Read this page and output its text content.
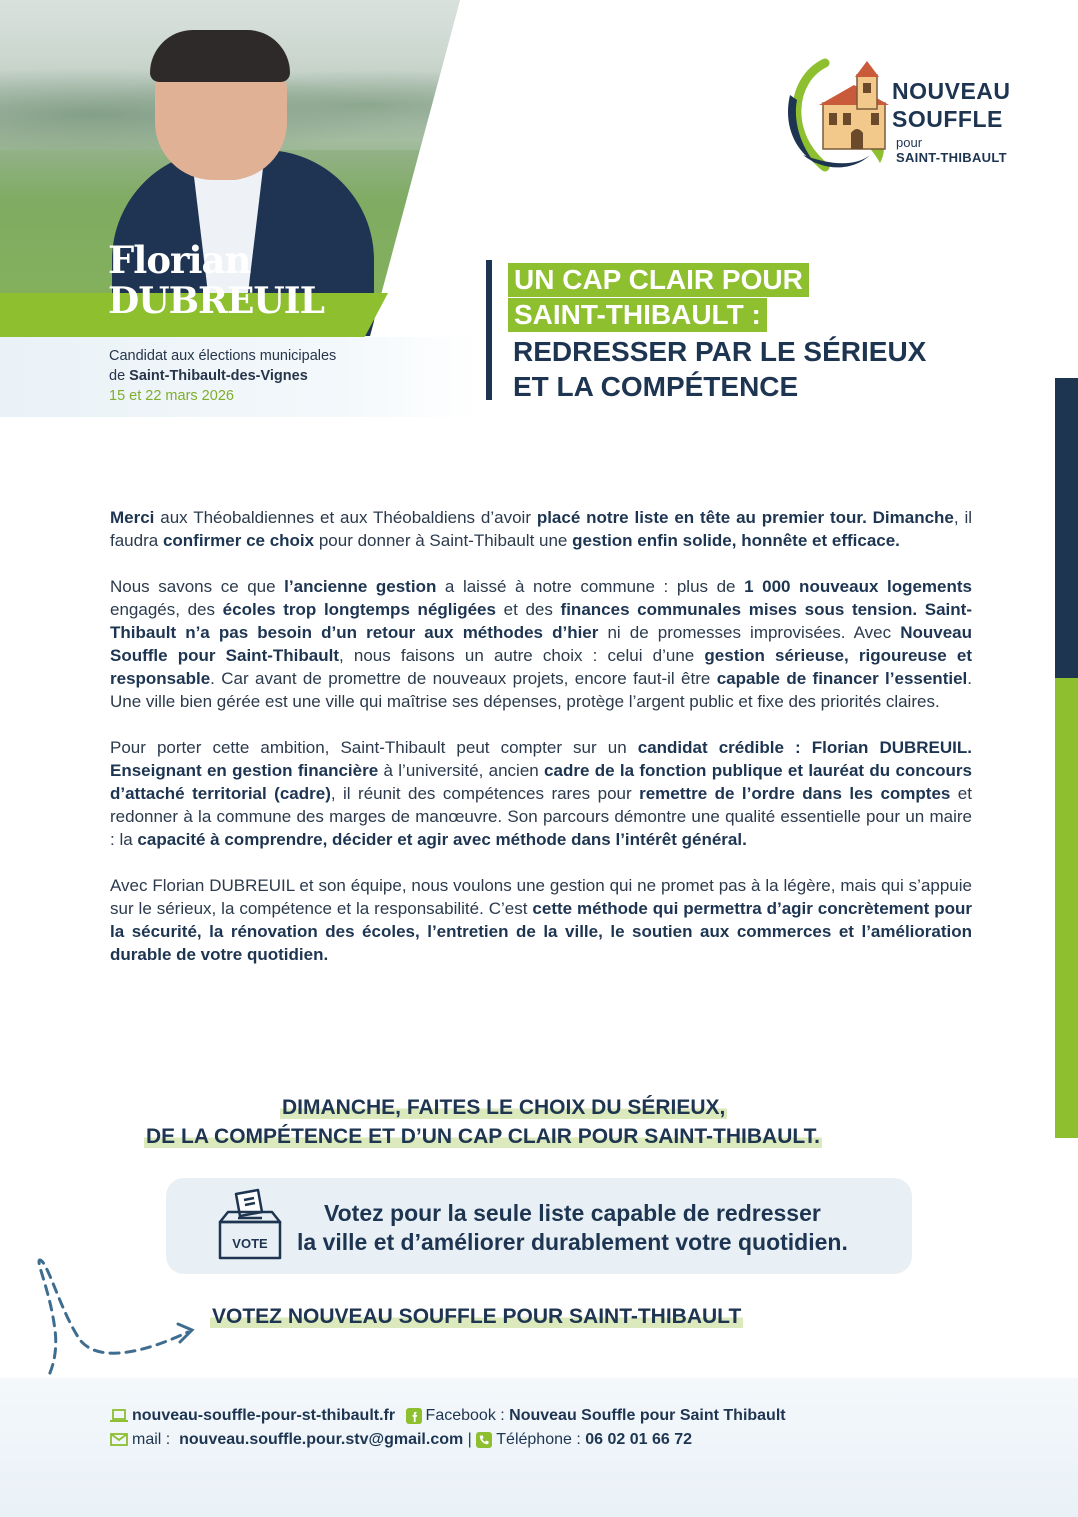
Florian
DUBREUIL
Candidat aux élections municipales
de Saint-Thibault-des-Vignes
15 et 22 mars 2026
NOUVEAU
SOUFFLE
pour
SAINT-THIBAULT
UN CAP CLAIR POUR
SAINT-THIBAULT :
REDRESSER PAR LE SÉRIEUX
ET LA COMPÉTENCE

Merci aux Théobaldiennes et aux Théobaldiens d’avoir placé notre liste en tête au premier tour. Dimanche, il faudra confirmer ce choix pour donner à Saint-Thibault une gestion enfin solide, honnête et efficace.

Nous savons ce que l’ancienne gestion a laissé à notre commune : plus de 1 000 nouveaux logements engagés, des écoles trop longtemps négligées et des finances communales mises sous tension. Saint-Thibault n’a pas besoin d’un retour aux méthodes d’hier ni de promesses improvisées. Avec Nouveau Souffle pour Saint-Thibault, nous faisons un autre choix : celui d’une gestion sérieuse, rigoureuse et responsable. Car avant de promettre de nouveaux projets, encore faut-il être capable de financer l’essentiel. Une ville bien gérée est une ville qui maîtrise ses dépenses, protège l’argent public et fixe des priorités claires.

Pour porter cette ambition, Saint-Thibault peut compter sur un candidat crédible : Florian DUBREUIL. Enseignant en gestion financière à l’université, ancien cadre de la fonction publique et lauréat du concours d’attaché territorial (cadre), il réunit des compétences rares pour remettre de l’ordre dans les comptes et redonner à la commune des marges de manœuvre. Son parcours démontre une qualité essentielle pour un maire : la capacité à comprendre, décider et agir avec méthode dans l’intérêt général.

Avec Florian DUBREUIL et son équipe, nous voulons une gestion qui ne promet pas à la légère, mais qui s’appuie sur le sérieux, la compétence et la responsabilité. C’est cette méthode qui permettra d’agir concrètement pour la sécurité, la rénovation des écoles, l’entretien de la ville, le soutien aux commerces et l’amélioration durable de votre quotidien.

DIMANCHE, FAITES LE CHOIX DU SÉRIEUX,
DE LA COMPÉTENCE ET D’UN CAP CLAIR POUR SAINT-THIBAULT.
VOTE
Votez pour la seule liste capable de redresser
la ville et d’améliorer durablement votre quotidien.
VOTEZ NOUVEAU SOUFFLE POUR SAINT-THIBAULT
nouveau-souffle-pour-st-thibault.fr Facebook : Nouveau Souffle pour Saint Thibault
mail : nouveau.souffle.pour.stv@gmail.com | Téléphone : 06 02 01 66 72
